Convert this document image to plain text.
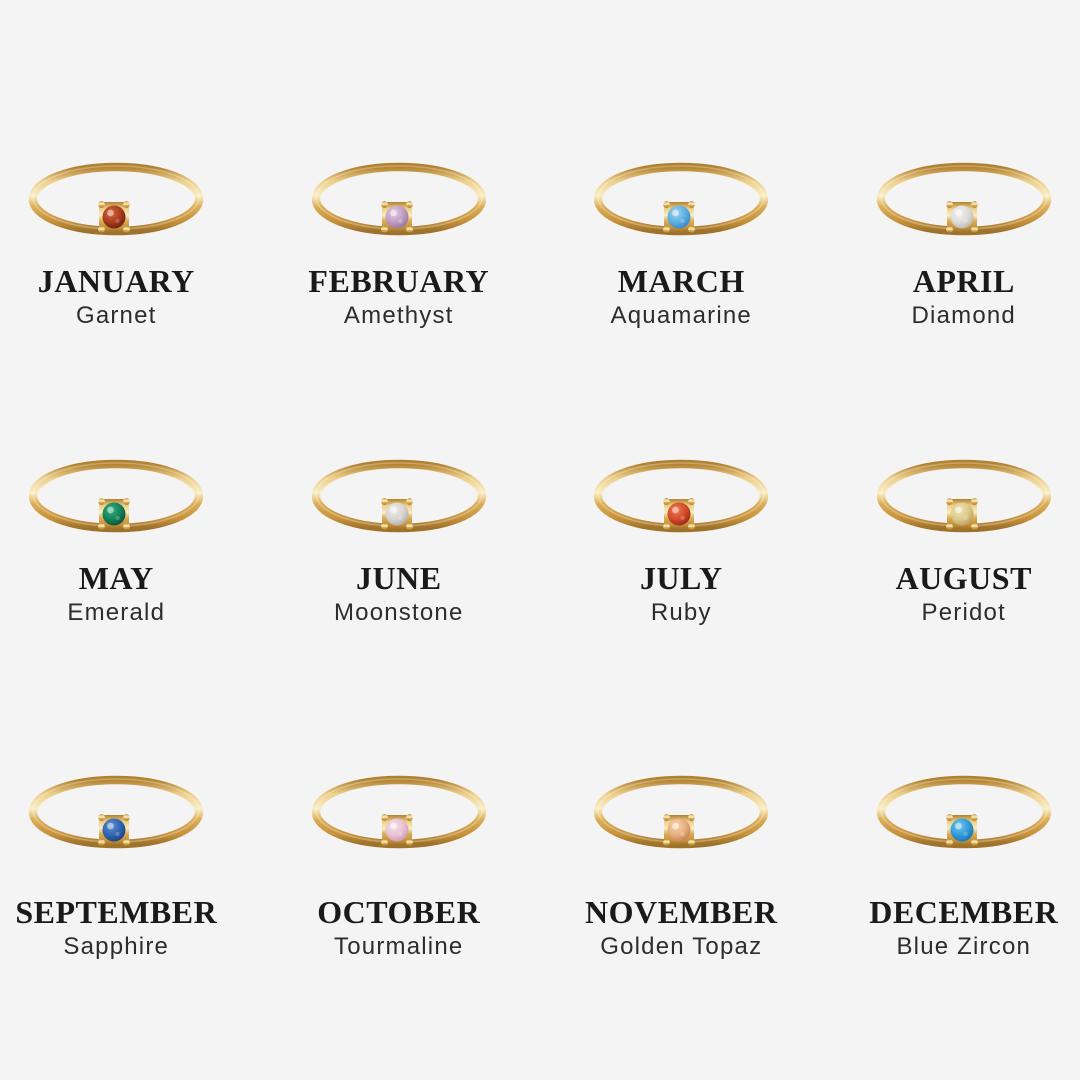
JANUARY

Garnet

FEBRUARY

Amethyst

MARCH

Aquamarine

APRIL

Diamond

MAY

Emerald

JUNE

Moonstone

JULY

Ruby

AUGUST

Peridot

SEPTEMBER

Sapphire

OCTOBER

Tourmaline

NOVEMBER

Golden Topaz

DECEMBER

Blue Zircon
